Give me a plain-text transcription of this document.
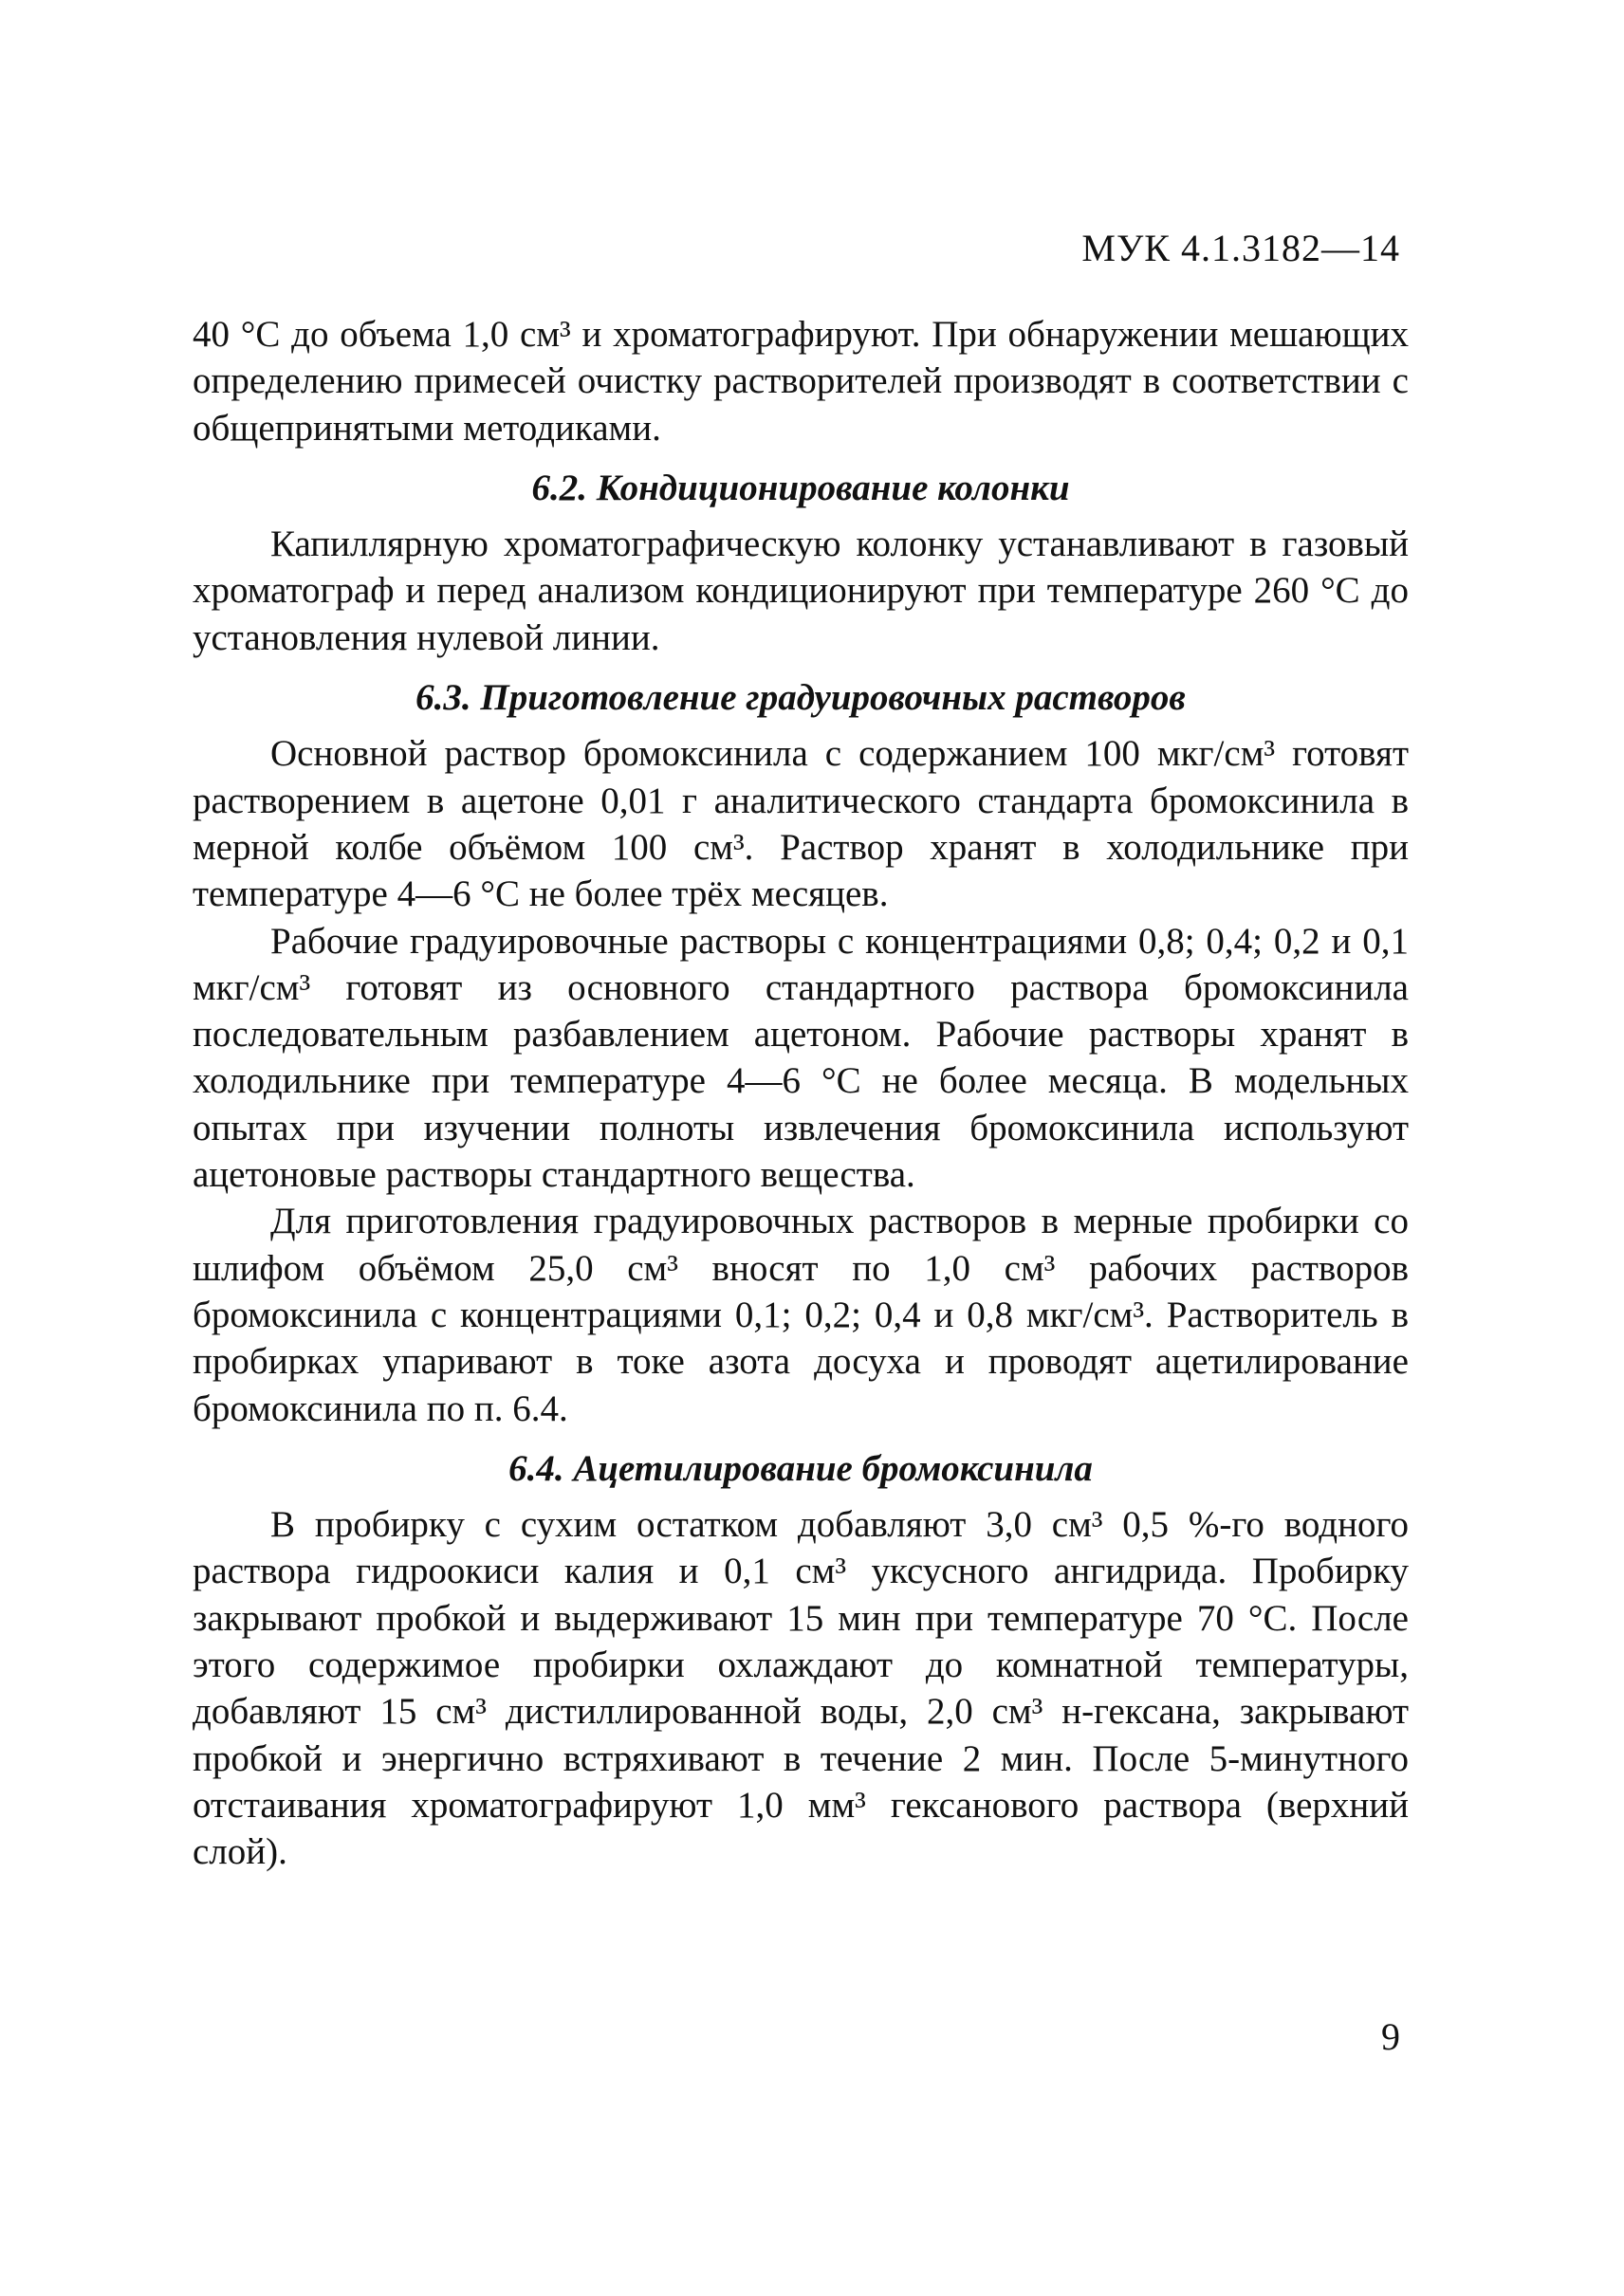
МУК 4.1.3182—14

40 °С до объема 1,0 см³ и хроматографируют. При обнаружении мешающих определению примесей очистку растворителей производят в соответствии с общепринятыми методиками.

6.2. Кондиционирование колонки

Капиллярную хроматографическую колонку устанавливают в газовый хроматограф и перед анализом кондиционируют при температуре 260 °С до установления нулевой линии.

6.3. Приготовление градуировочных растворов

Основной раствор бромоксинила с содержанием 100 мкг/см³ готовят растворением в ацетоне 0,01 г аналитического стандарта бромоксинила в мерной колбе объёмом 100 см³. Раствор хранят в холодильнике при температуре 4—6 °С не более трёх месяцев.

Рабочие градуировочные растворы с концентрациями 0,8; 0,4; 0,2 и 0,1 мкг/см³ готовят из основного стандартного раствора бромоксинила последовательным разбавлением ацетоном. Рабочие растворы хранят в холодильнике при температуре 4—6 °С не более месяца. В модельных опытах при изучении полноты извлечения бромоксинила используют ацетоновые растворы стандартного вещества.

Для приготовления градуировочных растворов в мерные пробирки со шлифом объёмом 25,0 см³ вносят по 1,0 см³ рабочих растворов бромоксинила с концентрациями 0,1; 0,2; 0,4 и 0,8 мкг/см³. Растворитель в пробирках упаривают в токе азота досуха и проводят ацетилирование бромоксинила по п. 6.4.

6.4. Ацетилирование бромоксинила

В пробирку с сухим остатком добавляют 3,0 см³ 0,5 %-го водного раствора гидроокиси калия и 0,1 см³ уксусного ангидрида. Пробирку закрывают пробкой и выдерживают 15 мин при температуре 70 °С. После этого содержимое пробирки охлаждают до комнатной температуры, добавляют 15 см³ дистиллированной воды, 2,0 см³ н-гексана, закрывают пробкой и энергично встряхивают в течение 2 мин. После 5-минутного отстаивания хроматографируют 1,0 мм³ гексанового раствора (верхний слой).

9
